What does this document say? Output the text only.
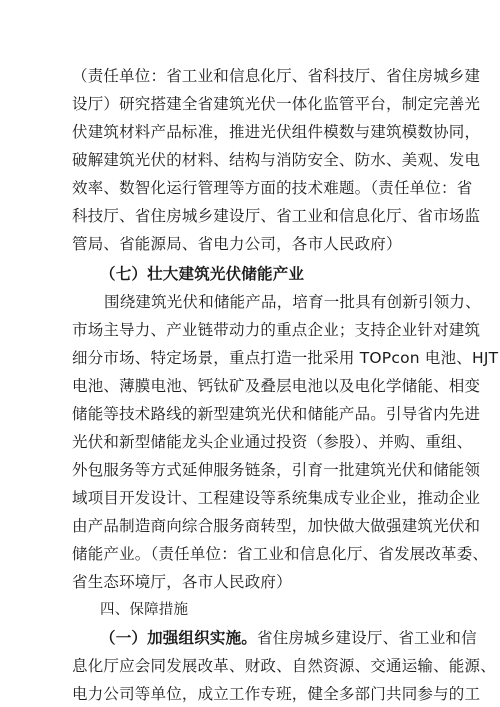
（责任单位：省工业和信息化厅、省科技厅、省住房城乡建
设厅）研究搭建全省建筑光伏一体化监管平台，制定完善光
伏建筑材料产品标准，推进光伏组件模数与建筑模数协同，
破解建筑光伏的材料、结构与消防安全、防水、美观、发电
效率、数智化运行管理等方面的技术难题。（责任单位：省
科技厅、省住房城乡建设厅、省工业和信息化厅、省市场监
管局、省能源局、省电力公司，各市人民政府）
（七）壮大建筑光伏储能产业
围绕建筑光伏和储能产品，培育一批具有创新引领力、
市场主导力、产业链带动力的重点企业；支持企业针对建筑
细分市场、特定场景，重点打造一批采用 TOPcon 电池、HJT
电池、薄膜电池、钙钛矿及叠层电池以及电化学储能、相变
储能等技术路线的新型建筑光伏和储能产品。引导省内先进
光伏和新型储能龙头企业通过投资（参股）、并购、重组、
外包服务等方式延伸服务链条，引育一批建筑光伏和储能领
域项目开发设计、工程建设等系统集成专业企业，推动企业
由产品制造商向综合服务商转型，加快做大做强建筑光伏和
储能产业。（责任单位：省工业和信息化厅、省发展改革委、
省生态环境厅，各市人民政府）
四、保障措施
（一）加强组织实施。省住房城乡建设厅、省工业和信
息化厅应会同发展改革、财政、自然资源、交通运输、能源、
电力公司等单位，成立工作专班，健全多部门共同参与的工
